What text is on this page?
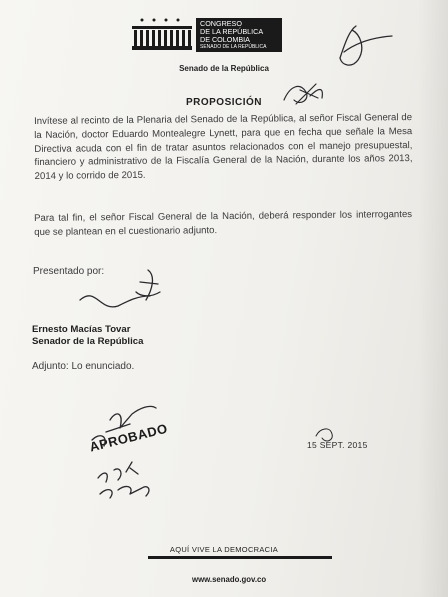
CONGRESO
DE LA REPÚBLICA
DE COLOMBIA
SENADO DE LA REPÚBLICA
Senado de la República
PROPOSICIÓN
Invítese al recinto de la Plenaria del Senado de la República, al señor Fiscal General de la Nación, doctor Eduardo Montealegre Lynett, para que en fecha que señale la Mesa Directiva acuda con el fin de tratar asuntos relacionados con el manejo presupuestal, financiero y administrativo de la Fiscalía General de la Nación, durante los años 2013, 2014 y lo corrido de 2015.
Para tal fin, el señor Fiscal General de la Nación, deberá responder los interrogantes que se plantean en el cuestionario adjunto.
Presentado por:
Ernesto Macías Tovar
Senador de la República
Adjunto: Lo enunciado.
APROBADO	15 SEPT. 2015
AQUÍ VIVE LA DEMOCRACIA
www.senado.gov.co
